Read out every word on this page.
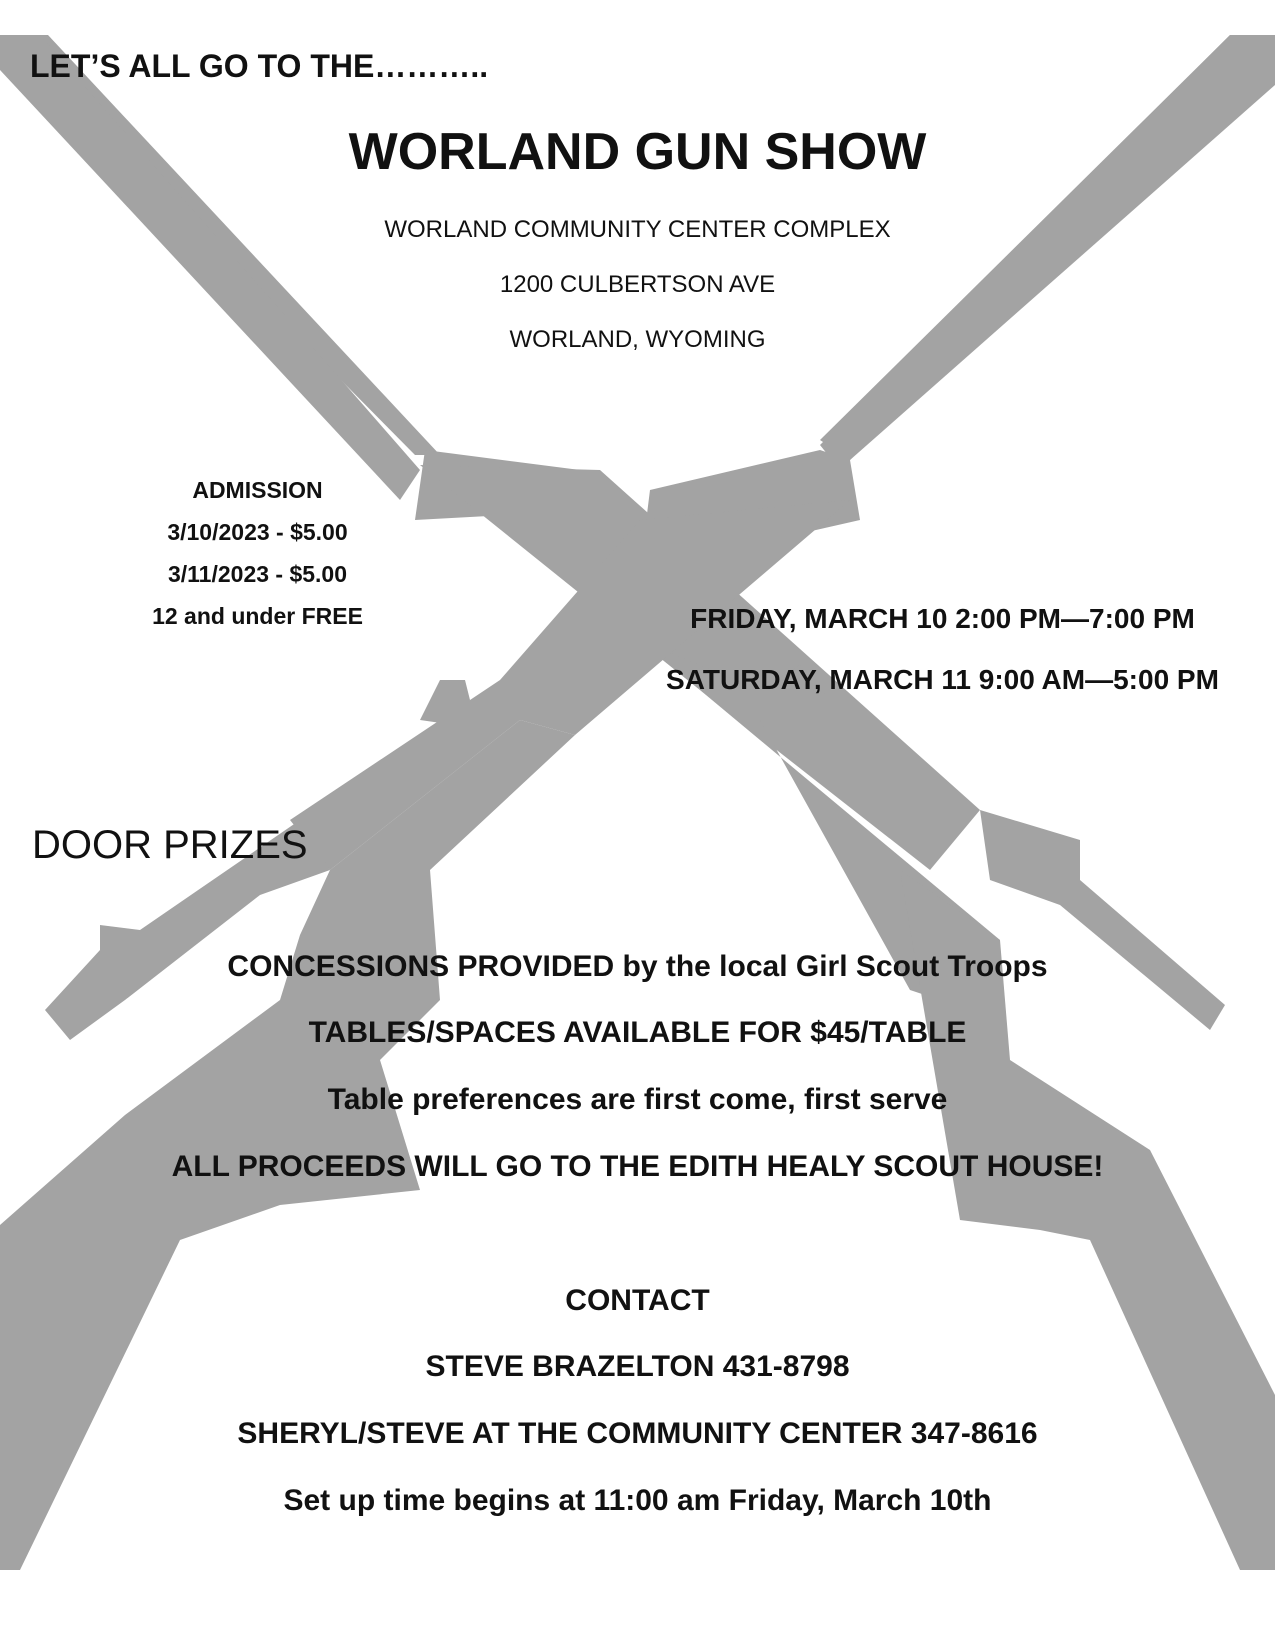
LET’S ALL GO TO THE………..
WORLAND GUN SHOW
WORLAND COMMUNITY CENTER COMPLEX
1200 CULBERTSON AVE
WORLAND, WYOMING
ADMISSION
3/10/2023 - $5.00
3/11/2023 - $5.00
12 and under FREE	FRIDAY, MARCH 10 2:00 PM—7:00 PM
SATURDAY, MARCH 11 9:00 AM—5:00 PM
DOOR PRIZES
CONCESSIONS PROVIDED by the local Girl Scout Troops
TABLES/SPACES AVAILABLE FOR $45/TABLE
Table preferences are first come, first serve
ALL PROCEEDS WILL GO TO THE EDITH HEALY SCOUT HOUSE!
CONTACT
STEVE BRAZELTON 431-8798
SHERYL/STEVE AT THE COMMUNITY CENTER 347-8616
Set up time begins at 11:00 am Friday, March 10th
